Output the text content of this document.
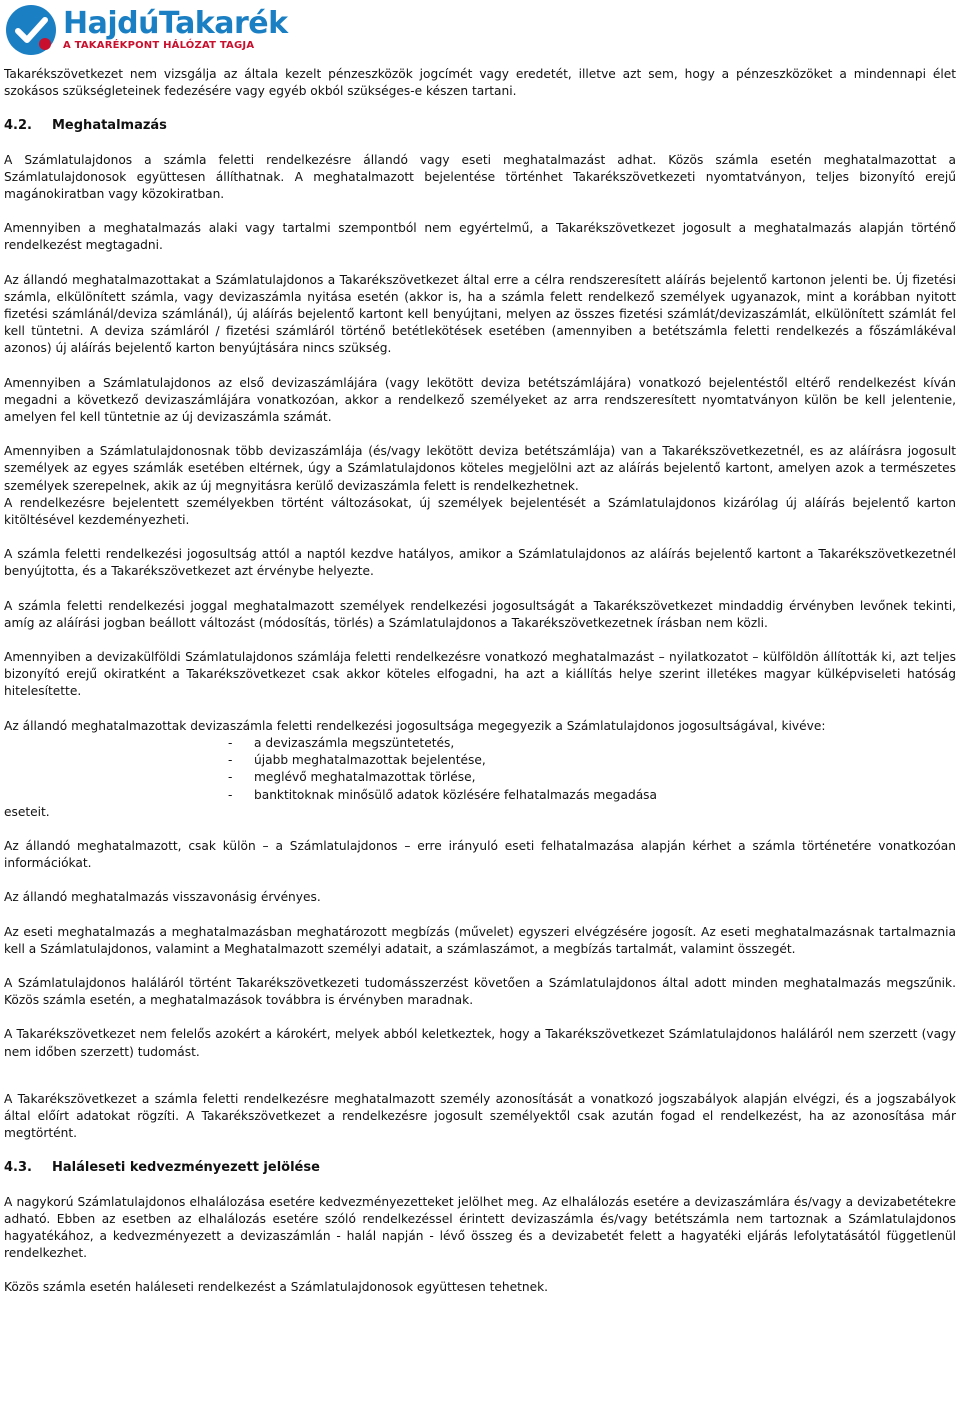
HajdúTakarék
A TAKARÉKPONT HÁLÓZAT TAGJA

Takarékszövetkezet nem vizsgálja az általa kezelt pénzeszközök jogcímét vagy eredetét, illetve azt sem, hogy a pénzeszközöket a mindennapi élet szokásos szükségleteinek fedezésére vagy egyéb okból szükséges-e készen tartani.

4.2. Meghatalmazás

A Számlatulajdonos a számla feletti rendelkezésre állandó vagy eseti meghatalmazást adhat. Közös számla esetén meghatalmazottat a Számlatulajdonosok együttesen állíthatnak. A meghatalmazott bejelentése történhet Takarékszövetkezeti nyomtatványon, teljes bizonyító erejű magánokiratban vagy közokiratban.

Amennyiben a meghatalmazás alaki vagy tartalmi szempontból nem egyértelmű, a Takarékszövetkezet jogosult a meghatalmazás alapján történő rendelkezést megtagadni.

Az állandó meghatalmazottakat a Számlatulajdonos a Takarékszövetkezet által erre a célra rendszeresített aláírás bejelentő kartonon jelenti be. Új fizetési számla, elkülönített számla, vagy devizaszámla nyitása esetén (akkor is, ha a számla felett rendelkező személyek ugyanazok, mint a korábban nyitott fizetési számlánál/deviza számlánál), új aláírás bejelentő kartont kell benyújtani, melyen az összes fizetési számlát/devizaszámlát, elkülönített számlát fel kell tüntetni. A deviza számláról / fizetési számláról történő betétlekötések esetében (amennyiben a betétszámla feletti rendelkezés a főszámlákéval azonos) új aláírás bejelentő karton benyújtására nincs szükség.

Amennyiben a Számlatulajdonos az első devizaszámlájára (vagy lekötött deviza betétszámlájára) vonatkozó bejelentéstől eltérő rendelkezést kíván megadni a következő devizaszámlájára vonatkozóan, akkor a rendelkező személyeket az arra rendszeresített nyomtatványon külön be kell jelentenie, amelyen fel kell tüntetnie az új devizaszámla számát.

Amennyiben a Számlatulajdonosnak több devizaszámlája (és/vagy lekötött deviza betétszámlája) van a Takarékszövetkezetnél, es az aláírásra jogosult személyek az egyes számlák esetében eltérnek, úgy a Számlatulajdonos köteles megjelölni azt az aláírás bejelentő kartont, amelyen azok a természetes személyek szerepelnek, akik az új megnyitásra kerülő devizaszámla felett is rendelkezhetnek.

A rendelkezésre bejelentett személyekben történt változásokat, új személyek bejelentését a Számlatulajdonos kizárólag új aláírás bejelentő karton kitöltésével kezdeményezheti.

A számla feletti rendelkezési jogosultság attól a naptól kezdve hatályos, amikor a Számlatulajdonos az aláírás bejelentő kartont a Takarékszövetkezetnél benyújtotta, és a Takarékszövetkezet azt érvénybe helyezte.

A számla feletti rendelkezési joggal meghatalmazott személyek rendelkezési jogosultságát a Takarékszövetkezet mindaddig érvényben levőnek tekinti, amíg az aláírási jogban beállott változást (módosítás, törlés) a Számlatulajdonos a Takarékszövetkezetnek írásban nem közli.

Amennyiben a devizakülföldi Számlatulajdonos számlája feletti rendelkezésre vonatkozó meghatalmazást – nyilatkozatot – külföldön állították ki, azt teljes bizonyító erejű okiratként a Takarékszövetkezet csak akkor köteles elfogadni, ha azt a kiállítás helye szerint illetékes magyar külképviseleti hatóság hitelesítette.

Az állandó meghatalmazottak devizaszámla feletti rendelkezési jogosultsága megegyezik a Számlatulajdonos jogosultságával, kivéve:

- a devizaszámla megszüntetetés,
- újabb meghatalmazottak bejelentése,
- meglévő meghatalmazottak törlése,
- banktitoknak minősülő adatok közlésére felhatalmazás megadása

eseteit.

Az állandó meghatalmazott, csak külön – a Számlatulajdonos – erre irányuló eseti felhatalmazása alapján kérhet a számla történetére vonatkozóan információkat.

Az állandó meghatalmazás visszavonásig érvényes.

Az eseti meghatalmazás a meghatalmazásban meghatározott megbízás (művelet) egyszeri elvégzésére jogosít. Az eseti meghatalmazásnak tartalmaznia kell a Számlatulajdonos, valamint a Meghatalmazott személyi adatait, a számlaszámot, a megbízás tartalmát, valamint összegét.

A Számlatulajdonos haláláról történt Takarékszövetkezeti tudomásszerzést követően a Számlatulajdonos által adott minden meghatalmazás megszűnik. Közös számla esetén, a meghatalmazások továbbra is érvényben maradnak.

A Takarékszövetkezet nem felelős azokért a károkért, melyek abból keletkeztek, hogy a Takarékszövetkezet Számlatulajdonos haláláról nem szerzett (vagy nem időben szerzett) tudomást.

A Takarékszövetkezet a számla feletti rendelkezésre meghatalmazott személy azonosítását a vonatkozó jogszabályok alapján elvégzi, és a jogszabályok által előírt adatokat rögzíti. A Takarékszövetkezet a rendelkezésre jogosult személyektől csak azután fogad el rendelkezést, ha az azonosítása már megtörtént.

4.3. Haláleseti kedvezményezett jelölése

A nagykorú Számlatulajdonos elhalálozása esetére kedvezményezetteket jelölhet meg. Az elhalálozás esetére a devizaszámlára és/vagy a devizabetétekre adható. Ebben az esetben az elhalálozás esetére szóló rendelkezéssel érintett devizaszámla és/vagy betétszámla nem tartoznak a Számlatulajdonos hagyatékához, a kedvezményezett a devizaszámlán - halál napján - lévő összeg és a devizabetét felett a hagyatéki eljárás lefolytatásától függetlenül rendelkezhet.

Közös számla esetén haláleseti rendelkezést a Számlatulajdonosok együttesen tehetnek.
